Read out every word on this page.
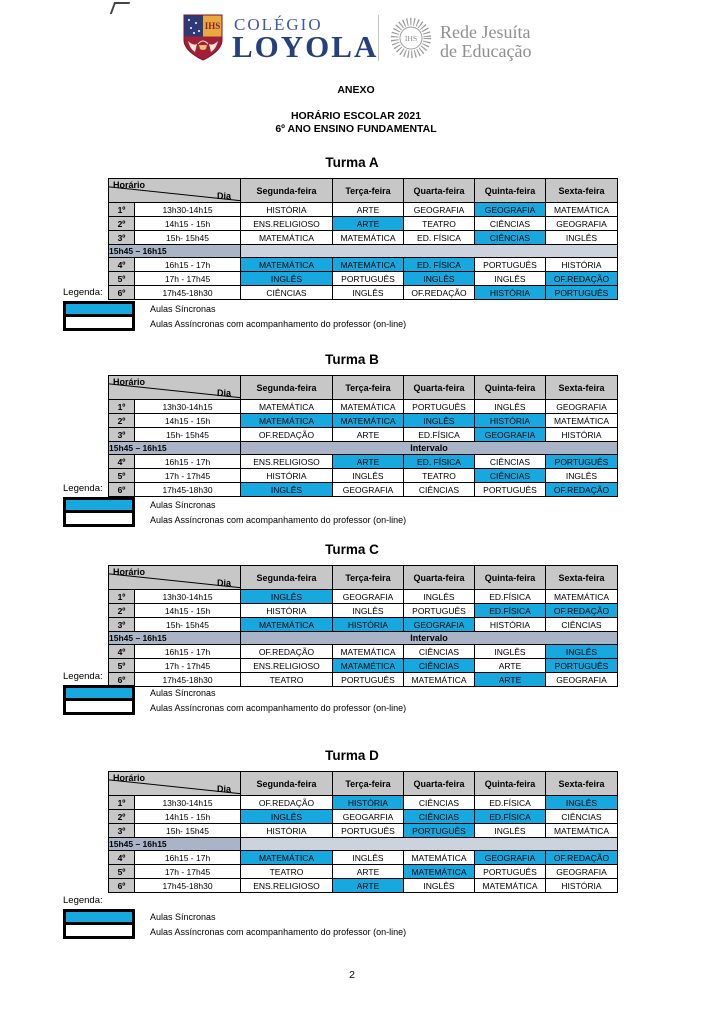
IHS COLÉGIO
LOYOLA	IHS Rede Jesuíta
de Educação
ANEXO
HORÁRIO ESCOLAR 2021
6º ANO ENSINO FUNDAMENTAL
Turma A
Horário
Dia		Segunda-feira	Terça-feira	Quarta-feira	Quinta-feira	Sexta-feira
1º	13h30-14h15	HISTÓRIA	ARTE	GEOGRAFIA	GEOGRAFIA	MATEMÁTICA
2º	14h15 - 15h	ENS.RELIGIOSO	ARTE	TEATRO	CIÊNCIAS	GEOGRAFIA
3º	15h- 15h45	MATEMÁTICA	MATEMÁTICA	ED. FÍSICA	CIÊNCIAS	INGLÊS
15h45 – 16h15						
4º	16h15 - 17h	MATEMÁTICA	MATEMÁTICA	ED. FÍSICA	PORTUGUÊS	HISTÓRIA
5º	17h - 17h45	INGLÊS	PORTUGUÊS	INGLÊS	INGLÊS	OF.REDAÇÃO
6º	17h45-18h30	CIÊNCIAS	INGLÊS	OF.REDAÇÃO	HISTÓRIA	PORTUGUÊS
Turma B
Horário
Dia		Segunda-feira	Terça-feira	Quarta-feira	Quinta-feira	Sexta-feira
1º	13h30-14h15	MATEMÁTICA	MATEMÁTICA	PORTUGUÊS	INGLÊS	GEOGRAFIA
2º	14h15 - 15h	MATEMÁTICA	MATEMÁTICA	INGLÊS	HISTÓRIA	MATEMÁTICA
3º	15h- 15h45	OF.REDAÇÃO	ARTE	ED.FÍSICA	GEOGRAFIA	HISTÓRIA
15h45 – 16h15		Intervalo				
4º	16h15 - 17h	ENS.RELIGIOSO	ARTE	ED. FÍSICA	CIÊNCIAS	PORTUGUÊS
5º	17h - 17h45	HISTÓRIA	INGLÊS	TEATRO	CIÊNCIAS	INGLÊS
6º	17h45-18h30	INGLÊS	GEOGRAFIA	CIÊNCIAS	PORTUGUÊS	OF.REDAÇÃO
Turma C
Horário
Dia		Segunda-feira	Terça-feira	Quarta-feira	Quinta-feira	Sexta-feira
1º	13h30-14h15	INGLÊS	GEOGRAFIA	INGLÊS	ED.FÍSICA	MATEMÁTICA
2º	14h15 - 15h	HISTÓRIA	INGLÊS	PORTUGUÊS	ED.FÍSICA	OF.REDAÇÃO
3º	15h- 15h45	MATEMÁTICA	HISTÓRIA	GEOGRAFIA	HISTÓRIA	CIÊNCIAS
15h45 – 16h15		Intervalo				
4º	16h15 - 17h	OF.REDAÇÃO	MATEMÁTICA	CIÊNCIAS	INGLÊS	INGLÊS
5º	17h - 17h45	ENS.RELIGIOSO	MATAMÉTICA	CIÊNCIAS	ARTE	PORTUGUÊS
6º	17h45-18h30	TEATRO	PORTUGUÊS	MATEMÁTICA	ARTE	GEOGRAFIA
Turma D
Horário
Dia		Segunda-feira	Terça-feira	Quarta-feira	Quinta-feira	Sexta-feira
1º	13h30-14h15	OF.REDAÇÃO	HISTÓRIA	CIÊNCIAS	ED.FÍSICA	INGLÊS
2º	14h15 - 15h	INGLÊS	GEOGARFIA	CIÊNCIAS	ED.FÍSICA	CIÊNCIAS
3º	15h- 15h45	HISTÓRIA	PORTUGUÊS	PORTUGUÊS	INGLÊS	MATEMÁTICA
15h45 – 16h15						
4º	16h15 - 17h	MATEMÁTICA	INGLÊS	MATEMÁTICA	GEOGRAFIA	OF.REDAÇÃO
5º	17h - 17h45	TEATRO	ARTE	MATEMÁTICA	PORTUGUÊS	GEOGRAFIA
6º	17h45-18h30	ENS.RELIGIOSO	ARTE	INGLÊS	MATEMÁTICA	HISTÓRIA
Legenda:
Aulas Síncronas
Aulas Assíncronas com acompanhamento do professor (on-line)
Legenda:
Aulas Síncronas
Aulas Assíncronas com acompanhamento do professor (on-line)
Legenda:
Aulas Síncronas
Aulas Assíncronas com acompanhamento do professor (on-line)
Legenda:
Aulas Síncronas
Aulas Assíncronas com acompanhamento do professor (on-line)
2
